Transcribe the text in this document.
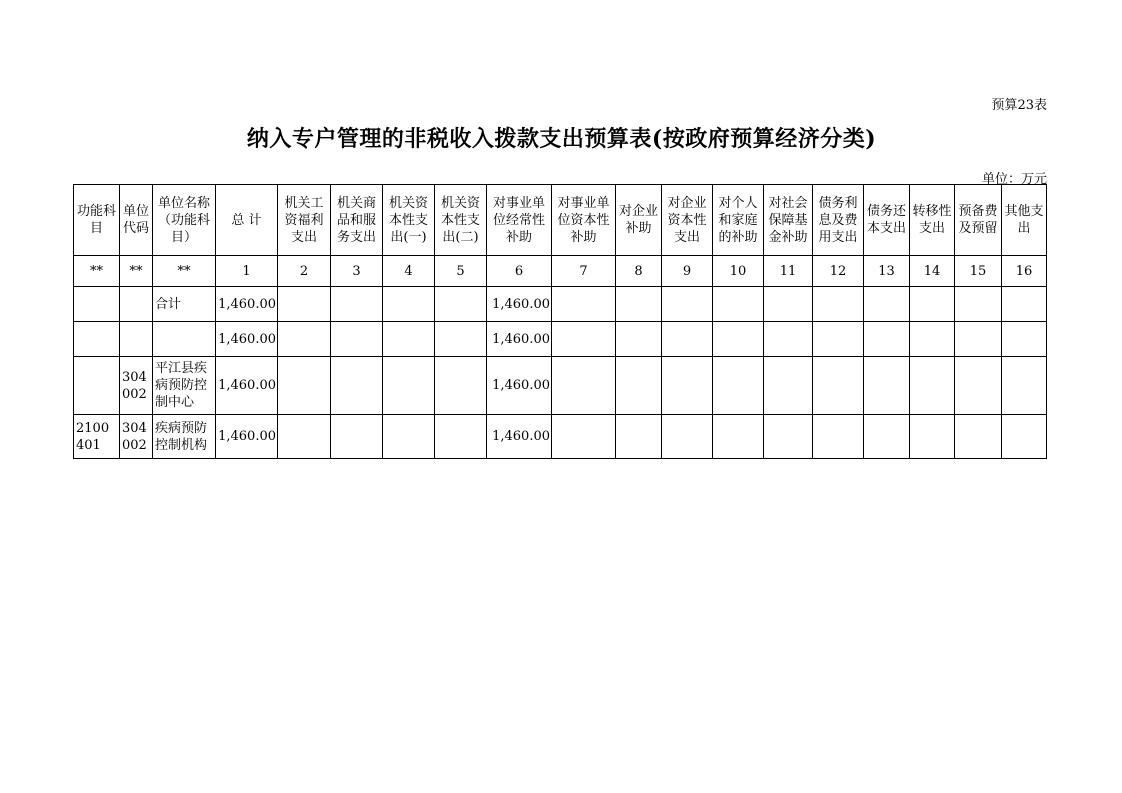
预算23表
纳入专户管理的非税收入拨款支出预算表(按政府预算经济分类)
单位：万元
功能科目	单位代码	单位名称（功能科目）	总 计	机关工资福利支出	机关商品和服务支出	机关资本性支出(一)	机关资本性支出(二)	对事业单位经常性补助	对事业单位资本性补助	对企业补助	对企业资本性支出	对个人和家庭的补助	对社会保障基金补助	债务利息及费用支出	债务还本支出	转移性支出	预备费及预留	其他支出
**	**	**	1	2	3	4	5	6	7	8	9	10	11	12	13	14	15	16
		合计	1,460.00					1,460.00										
			1,460.00					1,460.00										
	304002	平江县疾病预防控制中心	1,460.00					1,460.00										
2100401	304002	疾病预防控制机构	1,460.00					1,460.00										
